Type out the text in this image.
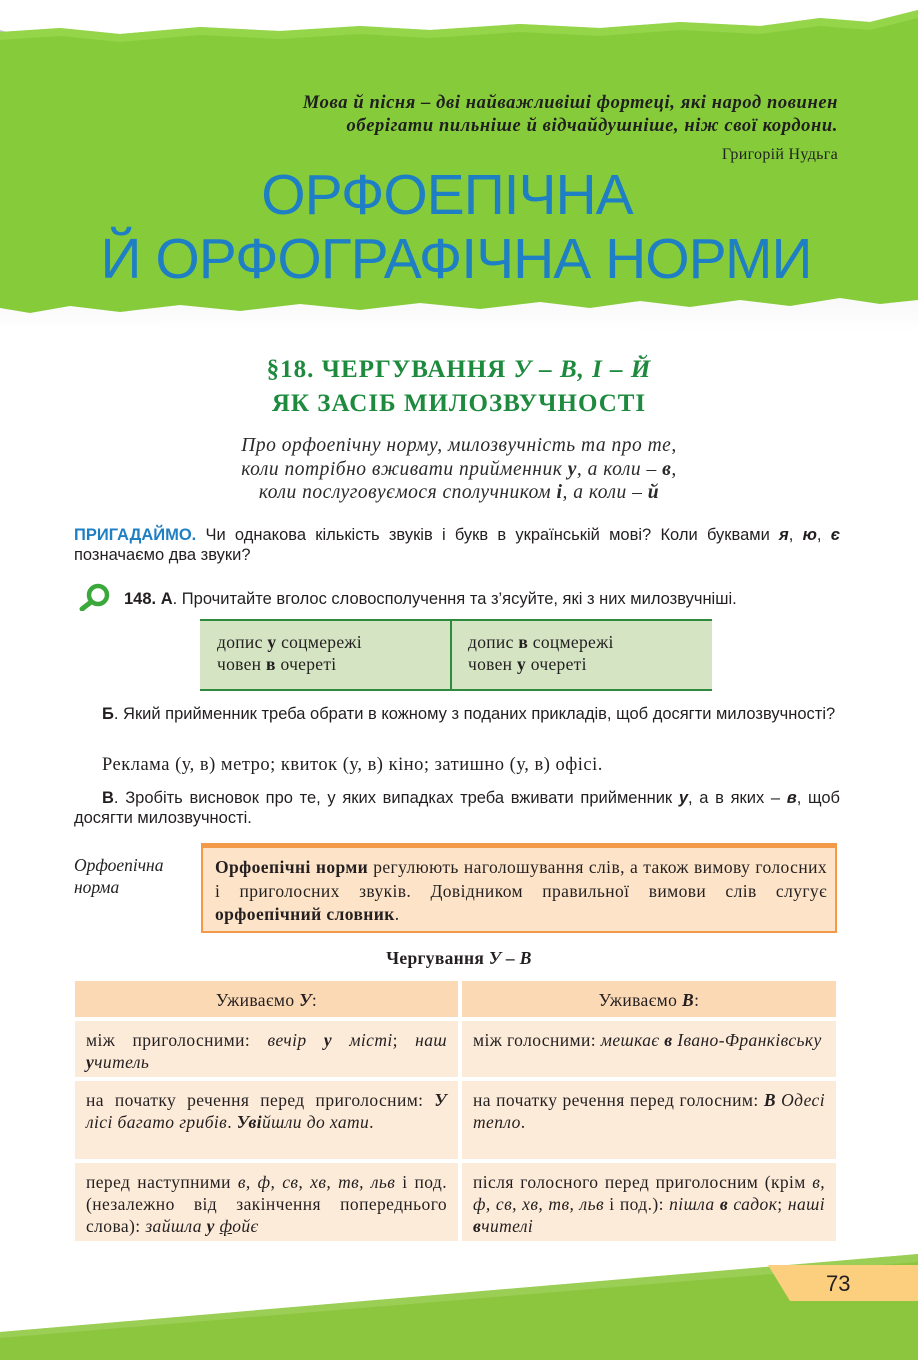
Мова й пісня – дві найважливіші фортеці, які народ повинен
оберігати пильніше й відчайдушніше, ніж свої кордони.
Григорій Нудьга
ОРФОЕПІЧНА
Й ОРФОГРАФІЧНА НОРМИ
§18. ЧЕРГУВАННЯ У – В, І – Й
ЯК ЗАСІБ МИЛОЗВУЧНОСТІ
Про орфоепічну норму, милозвучність та про те,
коли потрібно вживати прийменник у, а коли – в,
коли послуговуємося сполучником і, а коли – й
ПРИГАДАЙМО. Чи однакова кількість звуків і букв в українській мові? Коли буквами я, ю, є позначаємо два звуки?
148. А. Прочитайте вголос словосполучення та з’ясуйте, які з них милозвучніші.
допис у соцмережі
човен в очереті
допис в соцмережі
човен у очереті
Б. Який прийменник треба обрати в кожному з поданих прикладів, щоб досягти милозвучності?
Реклама (у, в) метро; квиток (у, в) кіно; затишно (у, в) офісі.
В. Зробіть висновок про те, у яких випадках треба вживати прийменник у, а в яких – в, щоб досягти милозвучності.
Орфоепічна
норма
Орфоепічні норми регулюють наголошування слів, а також вимову голосних і приголосних звуків. Довідником правильної вимови слів слугує орфоепічний словник.
Чергування У – В
Уживаємо У:	Уживаємо В:
між приголосними: вечір у місті; наш учитель
між голосними: мешкає в Івано-Франківську
на початку речення перед приголосним: У лісі багато грибів. Увійшли до хати.
на початку речення перед голосним: В Одесі тепло.
перед наступними в, ф, св, хв, тв, льв і под. (незалежно від закінчення попереднього слова): зайшла у фойє
після голосного перед приголосним (крім в, ф, св, хв, тв, льв і под.): пішла в садок; наші вчителі
73
